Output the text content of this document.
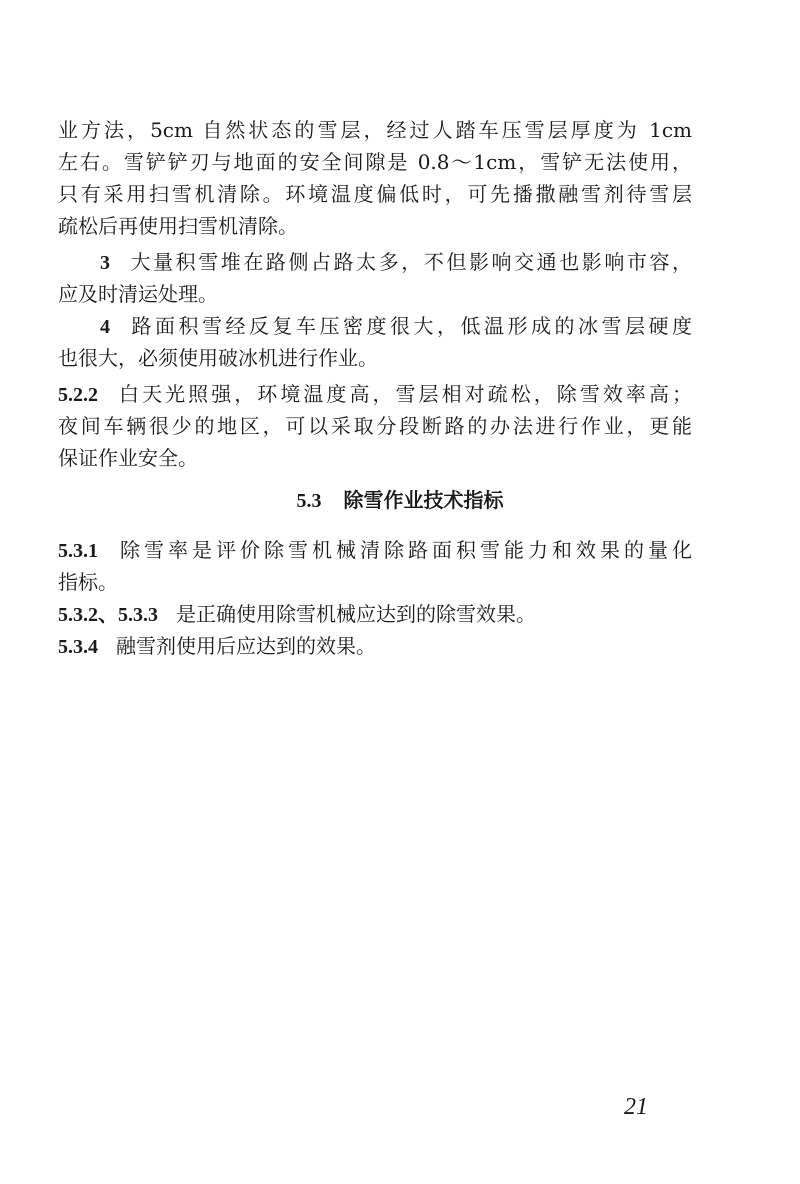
业方法，5cm 自然状态的雪层，经过人踏车压雪层厚度为 1cm
左右。雪铲铲刃与地面的安全间隙是 0.8～1cm，雪铲无法使用，
只有采用扫雪机清除。环境温度偏低时，可先播撒融雪剂待雪层
疏松后再使用扫雪机清除。
3 大量积雪堆在路侧占路太多，不但影响交通也影响市容，
应及时清运处理。
4 路面积雪经反复车压密度很大，低温形成的冰雪层硬度
也很大，必须使用破冰机进行作业。
5.2.2 白天光照强，环境温度高，雪层相对疏松，除雪效率高；
夜间车辆很少的地区，可以采取分段断路的办法进行作业，更能
保证作业安全。
5.3 除雪作业技术指标
5.3.1 除雪率是评价除雪机械清除路面积雪能力和效果的量化
指标。
5.3.2、5.3.3 是正确使用除雪机械应达到的除雪效果。
5.3.4 融雪剂使用后应达到的效果。
21
